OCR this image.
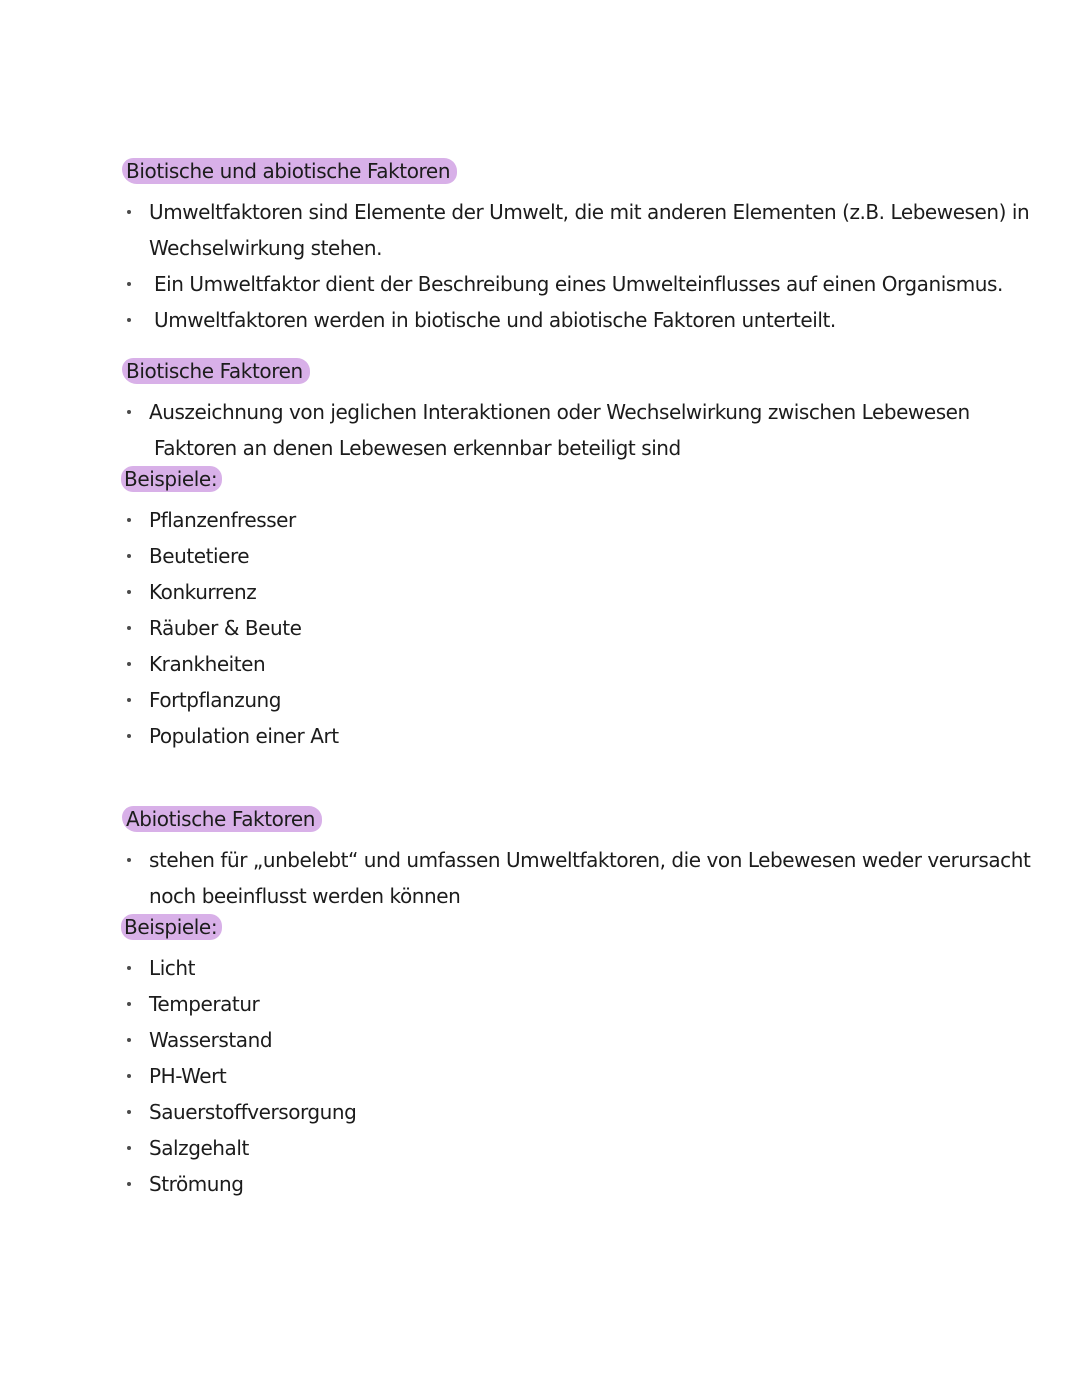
Biotische und abiotische Faktoren
Umweltfaktoren sind Elemente der Umwelt, die mit anderen Elementen (z.B. Lebewesen) in
Wechselwirkung stehen.
Ein Umweltfaktor dient der Beschreibung eines Umwelteinflusses auf einen Organismus.
Umweltfaktoren werden in biotische und abiotische Faktoren unterteilt.
Biotische Faktoren
Auszeichnung von jeglichen Interaktionen oder Wechselwirkung zwischen Lebewesen
Faktoren an denen Lebewesen erkennbar beteiligt sind
Beispiele:
Pflanzenfresser
Beutetiere
Konkurrenz
Räuber & Beute
Krankheiten
Fortpflanzung
Population einer Art
Abiotische Faktoren
stehen für „unbelebt“ und umfassen Umweltfaktoren, die von Lebewesen weder verursacht
noch beeinflusst werden können
Beispiele:
Licht
Temperatur
Wasserstand
PH-Wert
Sauerstoffversorgung
Salzgehalt
Strömung
